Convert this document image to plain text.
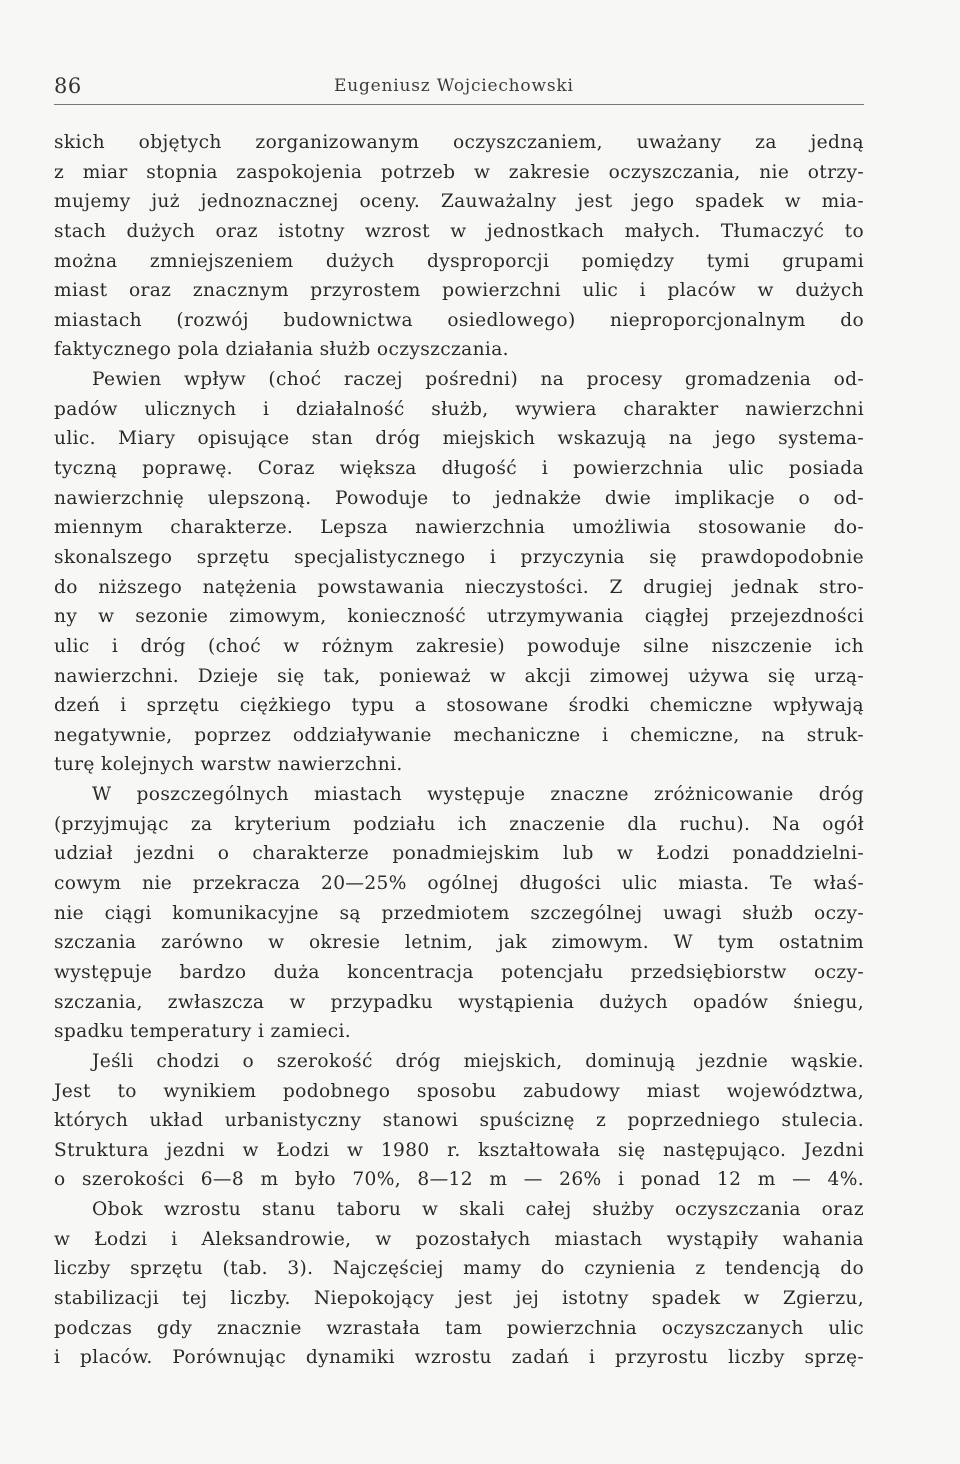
86	Eugeniusz Wojciechowski
skich objętych zorganizowanym oczyszczaniem, uważany za jedną
z miar stopnia zaspokojenia potrzeb w zakresie oczyszczania, nie otrzy-
mujemy już jednoznacznej oceny. Zauważalny jest jego spadek w mia-
stach dużych oraz istotny wzrost w jednostkach małych. Tłumaczyć to
można zmniejszeniem dużych dysproporcji pomiędzy tymi grupami
miast oraz znacznym przyrostem powierzchni ulic i placów w dużych
miastach (rozwój budownictwa osiedlowego) nieproporcjonalnym do
faktycznego pola działania służb oczyszczania.
Pewien wpływ (choć raczej pośredni) na procesy gromadzenia od-
padów ulicznych i działalność służb, wywiera charakter nawierzchni
ulic. Miary opisujące stan dróg miejskich wskazują na jego systema-
tyczną poprawę. Coraz większa długość i powierzchnia ulic posiada
nawierzchnię ulepszoną. Powoduje to jednakże dwie implikacje o od-
miennym charakterze. Lepsza nawierzchnia umożliwia stosowanie do-
skonalszego sprzętu specjalistycznego i przyczynia się prawdopodobnie
do niższego natężenia powstawania nieczystości. Z drugiej jednak stro-
ny w sezonie zimowym, konieczność utrzymywania ciągłej przejezdności
ulic i dróg (choć w różnym zakresie) powoduje silne niszczenie ich
nawierzchni. Dzieje się tak, ponieważ w akcji zimowej używa się urzą-
dzeń i sprzętu ciężkiego typu a stosowane środki chemiczne wpływają
negatywnie, poprzez oddziaływanie mechaniczne i chemiczne, na struk-
turę kolejnych warstw nawierzchni.
W poszczególnych miastach występuje znaczne zróżnicowanie dróg
(przyjmując za kryterium podziału ich znaczenie dla ruchu). Na ogół
udział jezdni o charakterze ponadmiejskim lub w Łodzi ponaddzielni-
cowym nie przekracza 20—25% ogólnej długości ulic miasta. Te właś-
nie ciągi komunikacyjne są przedmiotem szczególnej uwagi służb oczy-
szczania zarówno w okresie letnim, jak zimowym. W tym ostatnim
występuje bardzo duża koncentracja potencjału przedsiębiorstw oczy-
szczania, zwłaszcza w przypadku wystąpienia dużych opadów śniegu,
spadku temperatury i zamieci.
Jeśli chodzi o szerokość dróg miejskich, dominują jezdnie wąskie.
Jest to wynikiem podobnego sposobu zabudowy miast województwa,
których układ urbanistyczny stanowi spuściznę z poprzedniego stulecia.
Struktura jezdni w Łodzi w 1980 r. kształtowała się następująco. Jezdni
o szerokości 6—8 m było 70%, 8—12 m — 26% i ponad 12 m — 4%.
Obok wzrostu stanu taboru w skali całej służby oczyszczania oraz
w Łodzi i Aleksandrowie, w pozostałych miastach wystąpiły wahania
liczby sprzętu (tab. 3). Najczęściej mamy do czynienia z tendencją do
stabilizacji tej liczby. Niepokojący jest jej istotny spadek w Zgierzu,
podczas gdy znacznie wzrastała tam powierzchnia oczyszczanych ulic
i placów. Porównując dynamiki wzrostu zadań i przyrostu liczby sprzę-
